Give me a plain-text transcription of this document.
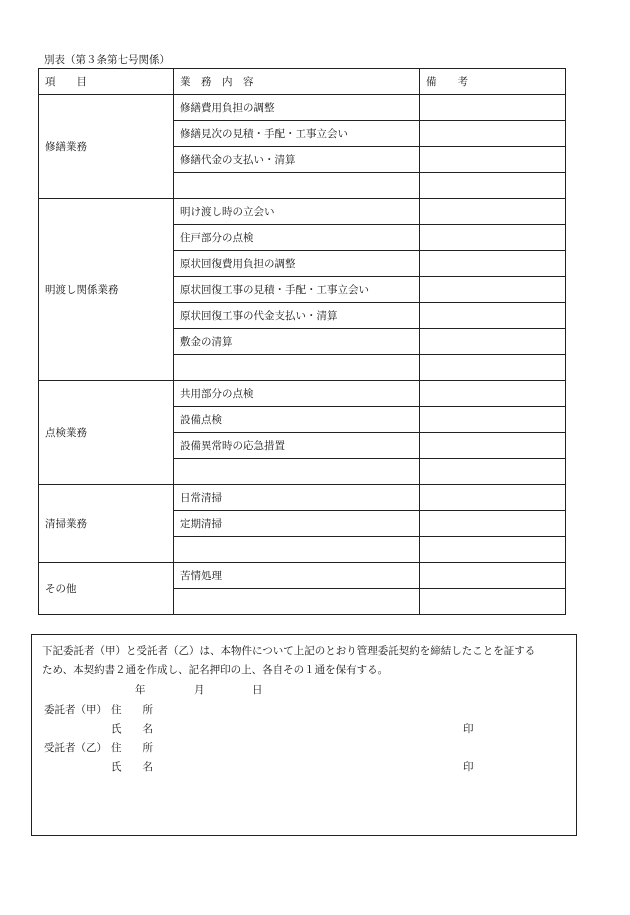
別表（第３条第七号関係）
項　　目	業　務　内　容	備　　考
修繕業務	修繕費用負担の調整	
	修繕見次の見積・手配・工事立会い	
	修繕代金の支払い・清算	

明渡し関係業務	明け渡し時の立会い	
	住戸部分の点検	
	原状回復費用負担の調整	
	原状回復工事の見積・手配・工事立会い	
	原状回復工事の代金支払い・清算	
	敷金の清算	

点検業務	共用部分の点検	
	設備点検	
	設備異常時の応急措置	

清掃業務	日常清掃	
	定期清掃	

その他	苦情処理	

下記委託者（甲）と受託者（乙）は、本物件について上記のとおり管理委託契約を締結したことを証する
ため、本契約書２通を作成し、記名押印の上、各自その１通を保有する。
年	月	日
委託者（甲） 住　　所
氏　　名	印
受託者（乙） 住　　所
氏　　名	印
